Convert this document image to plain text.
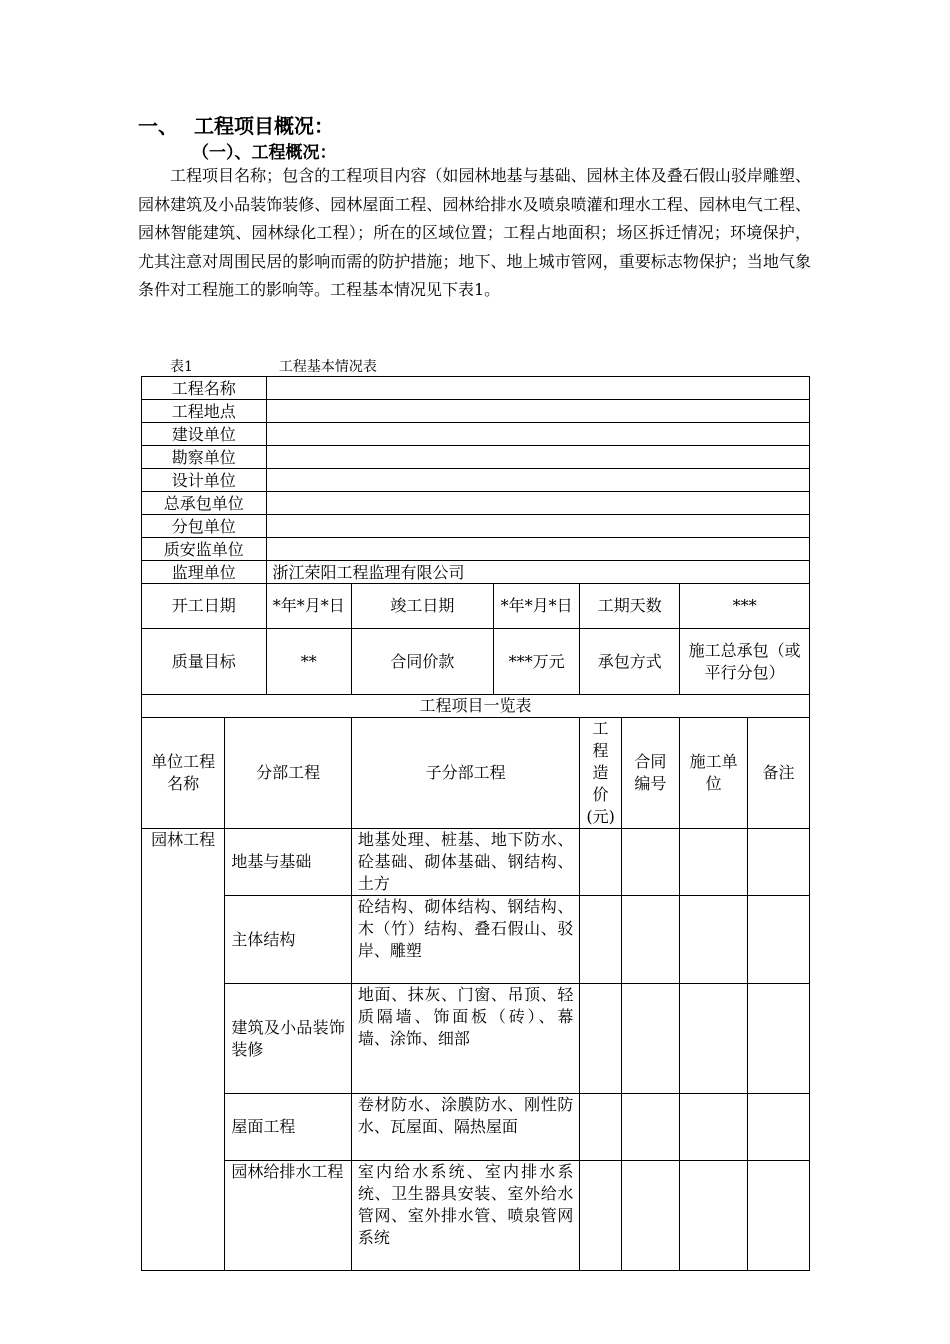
一、 工程项目概况：
（一）、工程概况：

工程项目名称；包含的工程项目内容（如园林地基与基础、园林主体及叠石假山驳岸雕塑、园林建筑及小品装饰装修、园林屋面工程、园林给排水及喷泉喷灌和理水工程、园林电气工程、园林智能建筑、园林绿化工程）；所在的区域位置；工程占地面积；场区拆迁情况；环境保护，尤其注意对周围民居的影响而需的防护措施；地下、地上城市管网，重要标志物保护；当地气象条件对工程施工的影响等。工程基本情况见下表1。

表1	工程基本情况表
工程名称								
工程地点								
建设单位								
勘察单位								
设计单位								
总承包单位								
分包单位								
质安监单位								
监理单位		浙江荣阳工程监理有限公司						
开工日期		*年*月*日	竣工日期	*年*月*日	工期天数		***	
质量目标		**	合同价款	***万元	承包方式		施工总承包（或平行分包）	
工程项目一览表								
单位工程名称	分部工程		子分部工程		工程造价(元)	合同编号	施工单位	备注
园林工程	地基与基础		地基处理、桩基、地下防水、砼基础、砌体基础、钢结构、土方					
	主体结构		砼结构、砌体结构、钢结构、木（竹）结构、叠石假山、驳岸、雕塑					
	建筑及小品装饰装修		地面、抹灰、门窗、吊顶、轻质隔墙、饰面板（砖）、幕墙、涂饰、细部					
	屋面工程		卷材防水、涂膜防水、刚性防水、瓦屋面、隔热屋面					
	园林给排水工程		室内给水系统、室内排水系统、卫生器具安装、室外给水管网、室外排水管、喷泉管网系统					
